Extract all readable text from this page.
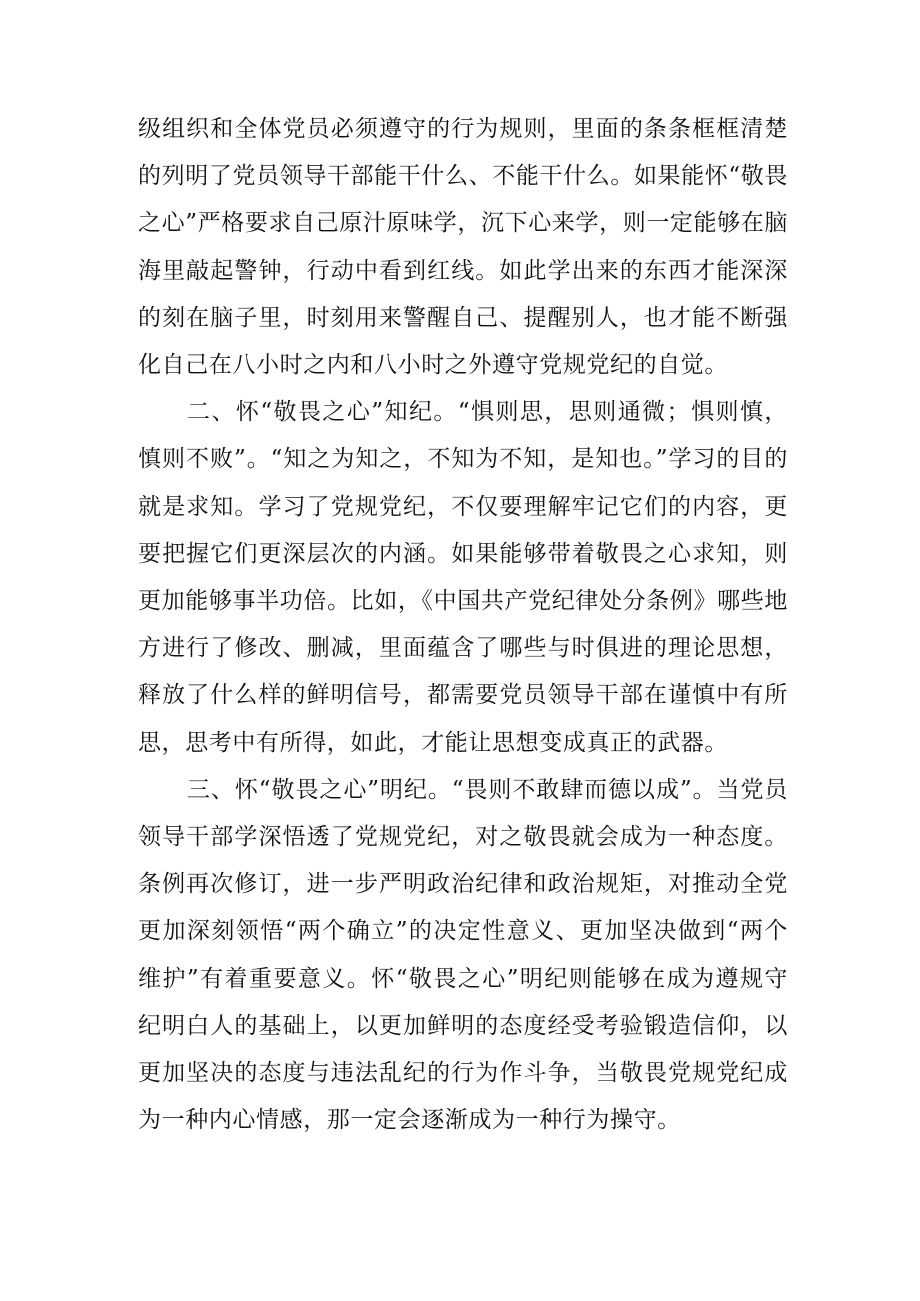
级组织和全体党员必须遵守的行为规则，里面的条条框框清楚的列明了党员领导干部能干什么、不能干什么。如果能怀“敬畏之心”严格要求自己原汁原味学，沉下心来学，则一定能够在脑海里敲起警钟，行动中看到红线。如此学出来的东西才能深深的刻在脑子里，时刻用来警醒自己、提醒别人，也才能不断强化自己在八小时之内和八小时之外遵守党规党纪的自觉。

二、怀“敬畏之心”知纪。“惧则思，思则通微；惧则慎，慎则不败”。“知之为知之，不知为不知，是知也。”学习的目的就是求知。学习了党规党纪，不仅要理解牢记它们的内容，更要把握它们更深层次的内涵。如果能够带着敬畏之心求知，则更加能够事半功倍。比如，《中国共产党纪律处分条例》哪些地方进行了修改、删减，里面蕴含了哪些与时俱进的理论思想，释放了什么样的鲜明信号，都需要党员领导干部在谨慎中有所思，思考中有所得，如此，才能让思想变成真正的武器。

三、怀“敬畏之心”明纪。“畏则不敢肆而德以成”。当党员领导干部学深悟透了党规党纪，对之敬畏就会成为一种态度。条例再次修订，进一步严明政治纪律和政治规矩，对推动全党更加深刻领悟“两个确立”的决定性意义、更加坚决做到“两个维护”有着重要意义。怀“敬畏之心”明纪则能够在成为遵规守纪明白人的基础上，以更加鲜明的态度经受考验锻造信仰，以更加坚决的态度与违法乱纪的行为作斗争，当敬畏党规党纪成为一种内心情感，那一定会逐渐成为一种行为操守。
